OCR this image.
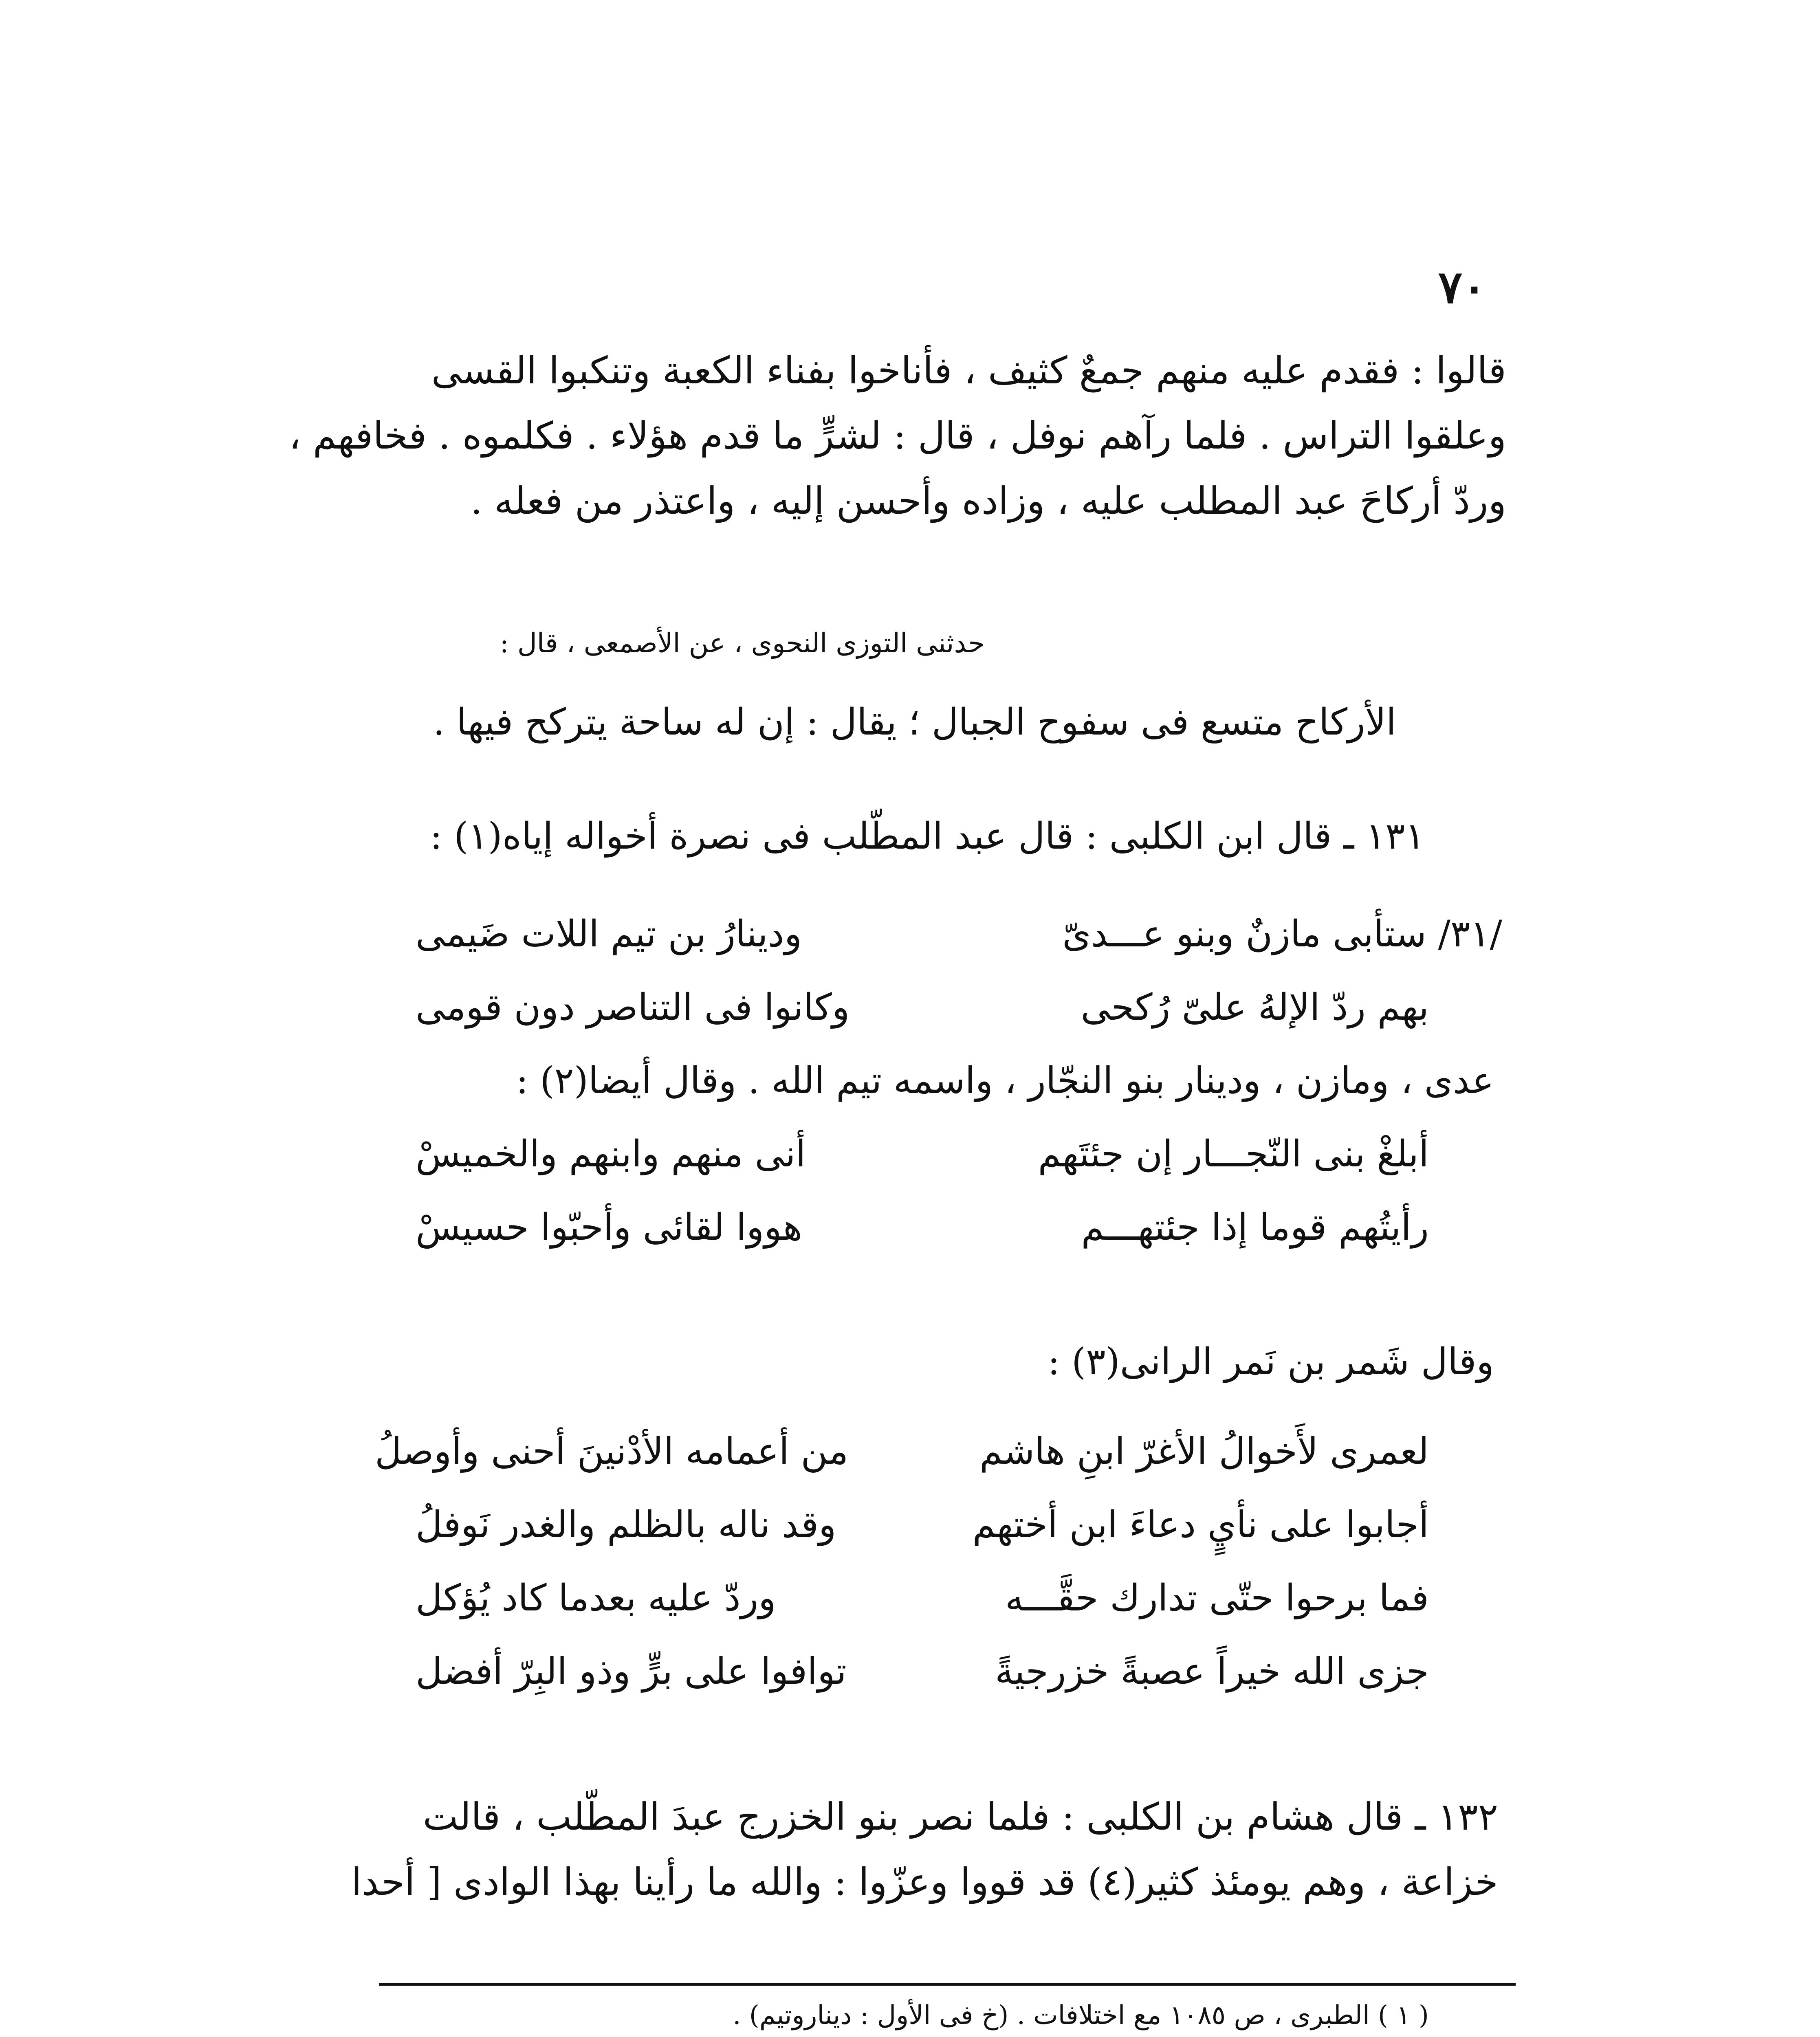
٧٠
قالوا : فقدم عليه منهم جمعٌ كثيف ، فأناخوا بفناء الكعبة وتنكبوا القسى
وعلقوا التراس . فلما رآهم نوفل ، قال : لشرٍّ ما قدم هؤلاء . فكلموه . فخافهم ،
وردّ أركاحَ عبد المطلب عليه ، وزاده وأحسن إليه ، واعتذر من فعله .
حدثنى التوزى النحوى ، عن الأصمعى ، قال :
الأركاح متسع فى سفوح الجبال ؛ يقال : إن له ساحة يتركح فيها .
١٣١ ـ قال ابن الكلبى : قال عبد المطّلب فى نصرة أخواله إياه(١) :
/٣١/ ستأبى مازنٌ وبنو عـــدىّ
ودينارُ بن تيم اللات ضَيمى
بهم ردّ الإلهُ علىّ رُكحى
وكانوا فى التناصر دون قومى
عدى ، ومازن ، ودينار بنو النجّار ، واسمه تيم الله . وقال أيضا(٢) :
أبلغْ بنى النّجـــار إن جئتَهم
أنى منهم وابنهم والخميسْ
رأيتُهم قوما إذا جئتهـــم
هووا لقائى وأحبّوا حسيسْ
وقال شَمر بن نَمر الرانى(٣) :
لعمرى لأَخوالُ الأغرّ ابنِ هاشم
من أعمامه الأدْنينَ أحنى وأوصلُ
أجابوا على نأيٍ دعاءَ ابن أختهم
وقد ناله بالظلم والغدر نَوفلُ
فما برحوا حتّى تدارك حقَّـــه
وردّ عليه بعدما كاد يُؤكل
جزى الله خيراً عصبةً خزرجيةً
توافوا على برٍّ وذو البِرّ أفضل
١٣٢ ـ قال هشام بن الكلبى : فلما نصر بنو الخزرج عبدَ المطّلب ، قالت
خزاعة ، وهم يومئذ كثير(٤) قد قووا وعزّوا : والله ما رأينا بهذا الوادى [ أحدا
( ١ ) الطبرى ، ص ١٠٨٥ مع اختلافات . (خ فى الأول : ديناروتيم) .
